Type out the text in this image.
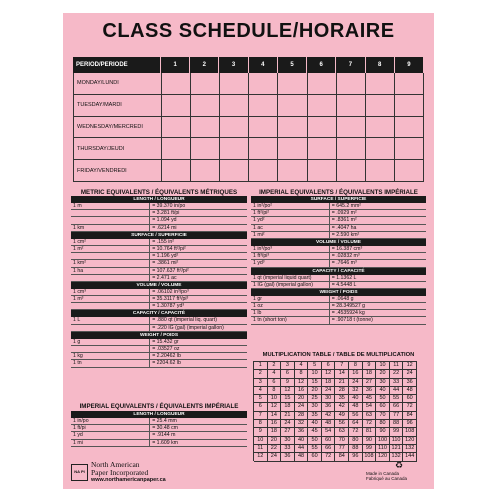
CLASS SCHEDULE/HORAIRE
PERIOD/PERIODE	1	2	3	4	5	6	7	8	9
MONDAY/LUNDI
TUESDAY/MARDI
WEDNESDAY/MERCREDI
THURSDAY/JEUDI
FRIDAY/VENDREDI
METRIC EQUIVALENTS / ÉQUIVALENTS MÉTRIQUES
LENGTH / LONGUEUR
1 m	= 39.370 in/po
= 3.281 ft/pi
= 1.094 yd
1 km	= .6214 mi
SURFACE / SUPERFICIE
1 cm²	= .155 in²
1 m²	= 10.764 ft²/pi²
= 1.196 yd²
1 km²	= .3861 mi²
1 ha	= 107.637 ft²/pi²
= 2.471 ac
VOLUME / VOLUME
1 cm³	= .06102 in³/po³
1 m³	= 35.3117 ft³/pi³
= 1.30787 yd³
CAPACITY / CAPACITÉ
1 L	= .880 qt (imperial liq. quart)
= .220 IG (gal) (imperial gallon)
WEIGHT / POIDS
1 g	= 15.432 gr
= .03527 oz
1 kg	= 2.20462 lb
1 tn	= 2204.62 lb
IMPERIAL EQUIVALENTS / ÉQUIVALENTS IMPÉRIALE
LENGTH / LONGUEUR
1 in/po	= 25.4 mm
1 ft/pi	= 30.48 cm
1 yd	= .9144 m
1 mi	= 1.609 km
IMPERIAL EQUIVALENTS / ÉQUIVALENTS IMPÉRIALE
SURFACE / SUPERFICIE
1 in²/po²	= 645.2 mm²
1 ft²/pi²	= .0929 m²
1 yd²	= .8361 m²
1 ac	= .4047 ha
1 mi²	= 2.590 km²
VOLUME / VOLUME
1 in³/po³	= 16.387 cm³
1 ft³/pi³	= .02832 m³
1 yd³	= .7646 m³
CAPACITY / CAPACITÉ
1 qt (imperial liquid quart)	= 1.1362 L
1 IG (gal) (imperial gallon)	= 4.5448 L
WEIGHT / POIDS
1 gr	= .0648 g
1 oz	= 28.349527 g
1 lb	= .4535924 kg
1 tn (short ton)	= .90718 t (tonne)
MULTIPLICATION TABLE / TABLE DE MULTIPLICATION
1	2	3	4	5	6	7	8	9	10	11	12
2	4	6	8	10	12	14	16	18	20	22	24
3	6	9	12	15	18	21	24	27	30	33	36
4	8	12	16	20	24	28	32	36	40	44	48
5	10	15	20	25	30	35	40	45	50	55	60
6	12	18	24	30	36	42	48	54	60	66	72
7	14	21	28	35	42	49	56	63	70	77	84
8	16	24	32	40	48	56	64	72	80	88	96
9	18	27	36	45	54	63	72	81	90	99	108
10	20	30	40	50	60	70	80	90	100 110 120
11	22	33	44	55	66	77	88	99	110 121 132
12	24	36	48	60	72	84	96	108 120 132 144
NA PI
North American
Paper Incorporated
www.northamericanpaper.ca
♻
Made in Canada
Fabriqué au Canada
